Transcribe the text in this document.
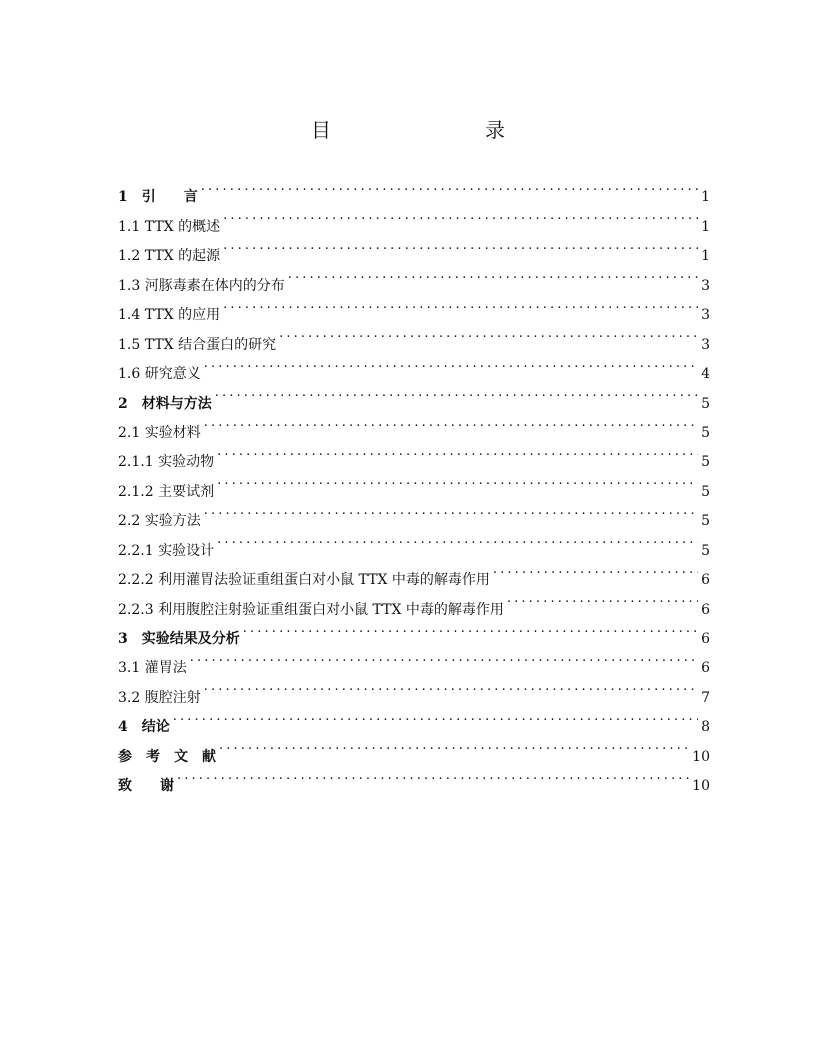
目　　录
1　引　　言 . . .	1
1.1 TTX 的概述 . . .	1
1.2 TTX 的起源 . . .	1
1.3 河豚毒素在体内的分布 . . .	3
1.4 TTX 的应用 . . .	3
1.5 TTX 结合蛋白的研究 . . .	3
1.6 研究意义 . . .	4
2　材料与方法 . . .	5
2.1 实验材料 . . .	5
2.1.1 实验动物 . . .	5
2.1.2 主要试剂 . . .	5
2.2 实验方法 . . .	5
2.2.1 实验设计 . . .	5
2.2.2 利用灌胃法验证重组蛋白对小鼠 TTX 中毒的解毒作用 . . .	6
2.2.3 利用腹腔注射验证重组蛋白对小鼠 TTX 中毒的解毒作用 . . .	6
3　实验结果及分析 . . .	6
3.1 灌胃法 . . .	6
3.2 腹腔注射 . . .	7
4　结论 . . .	8
参　考　文　献 . . .	10
致　　谢 . . .	10
